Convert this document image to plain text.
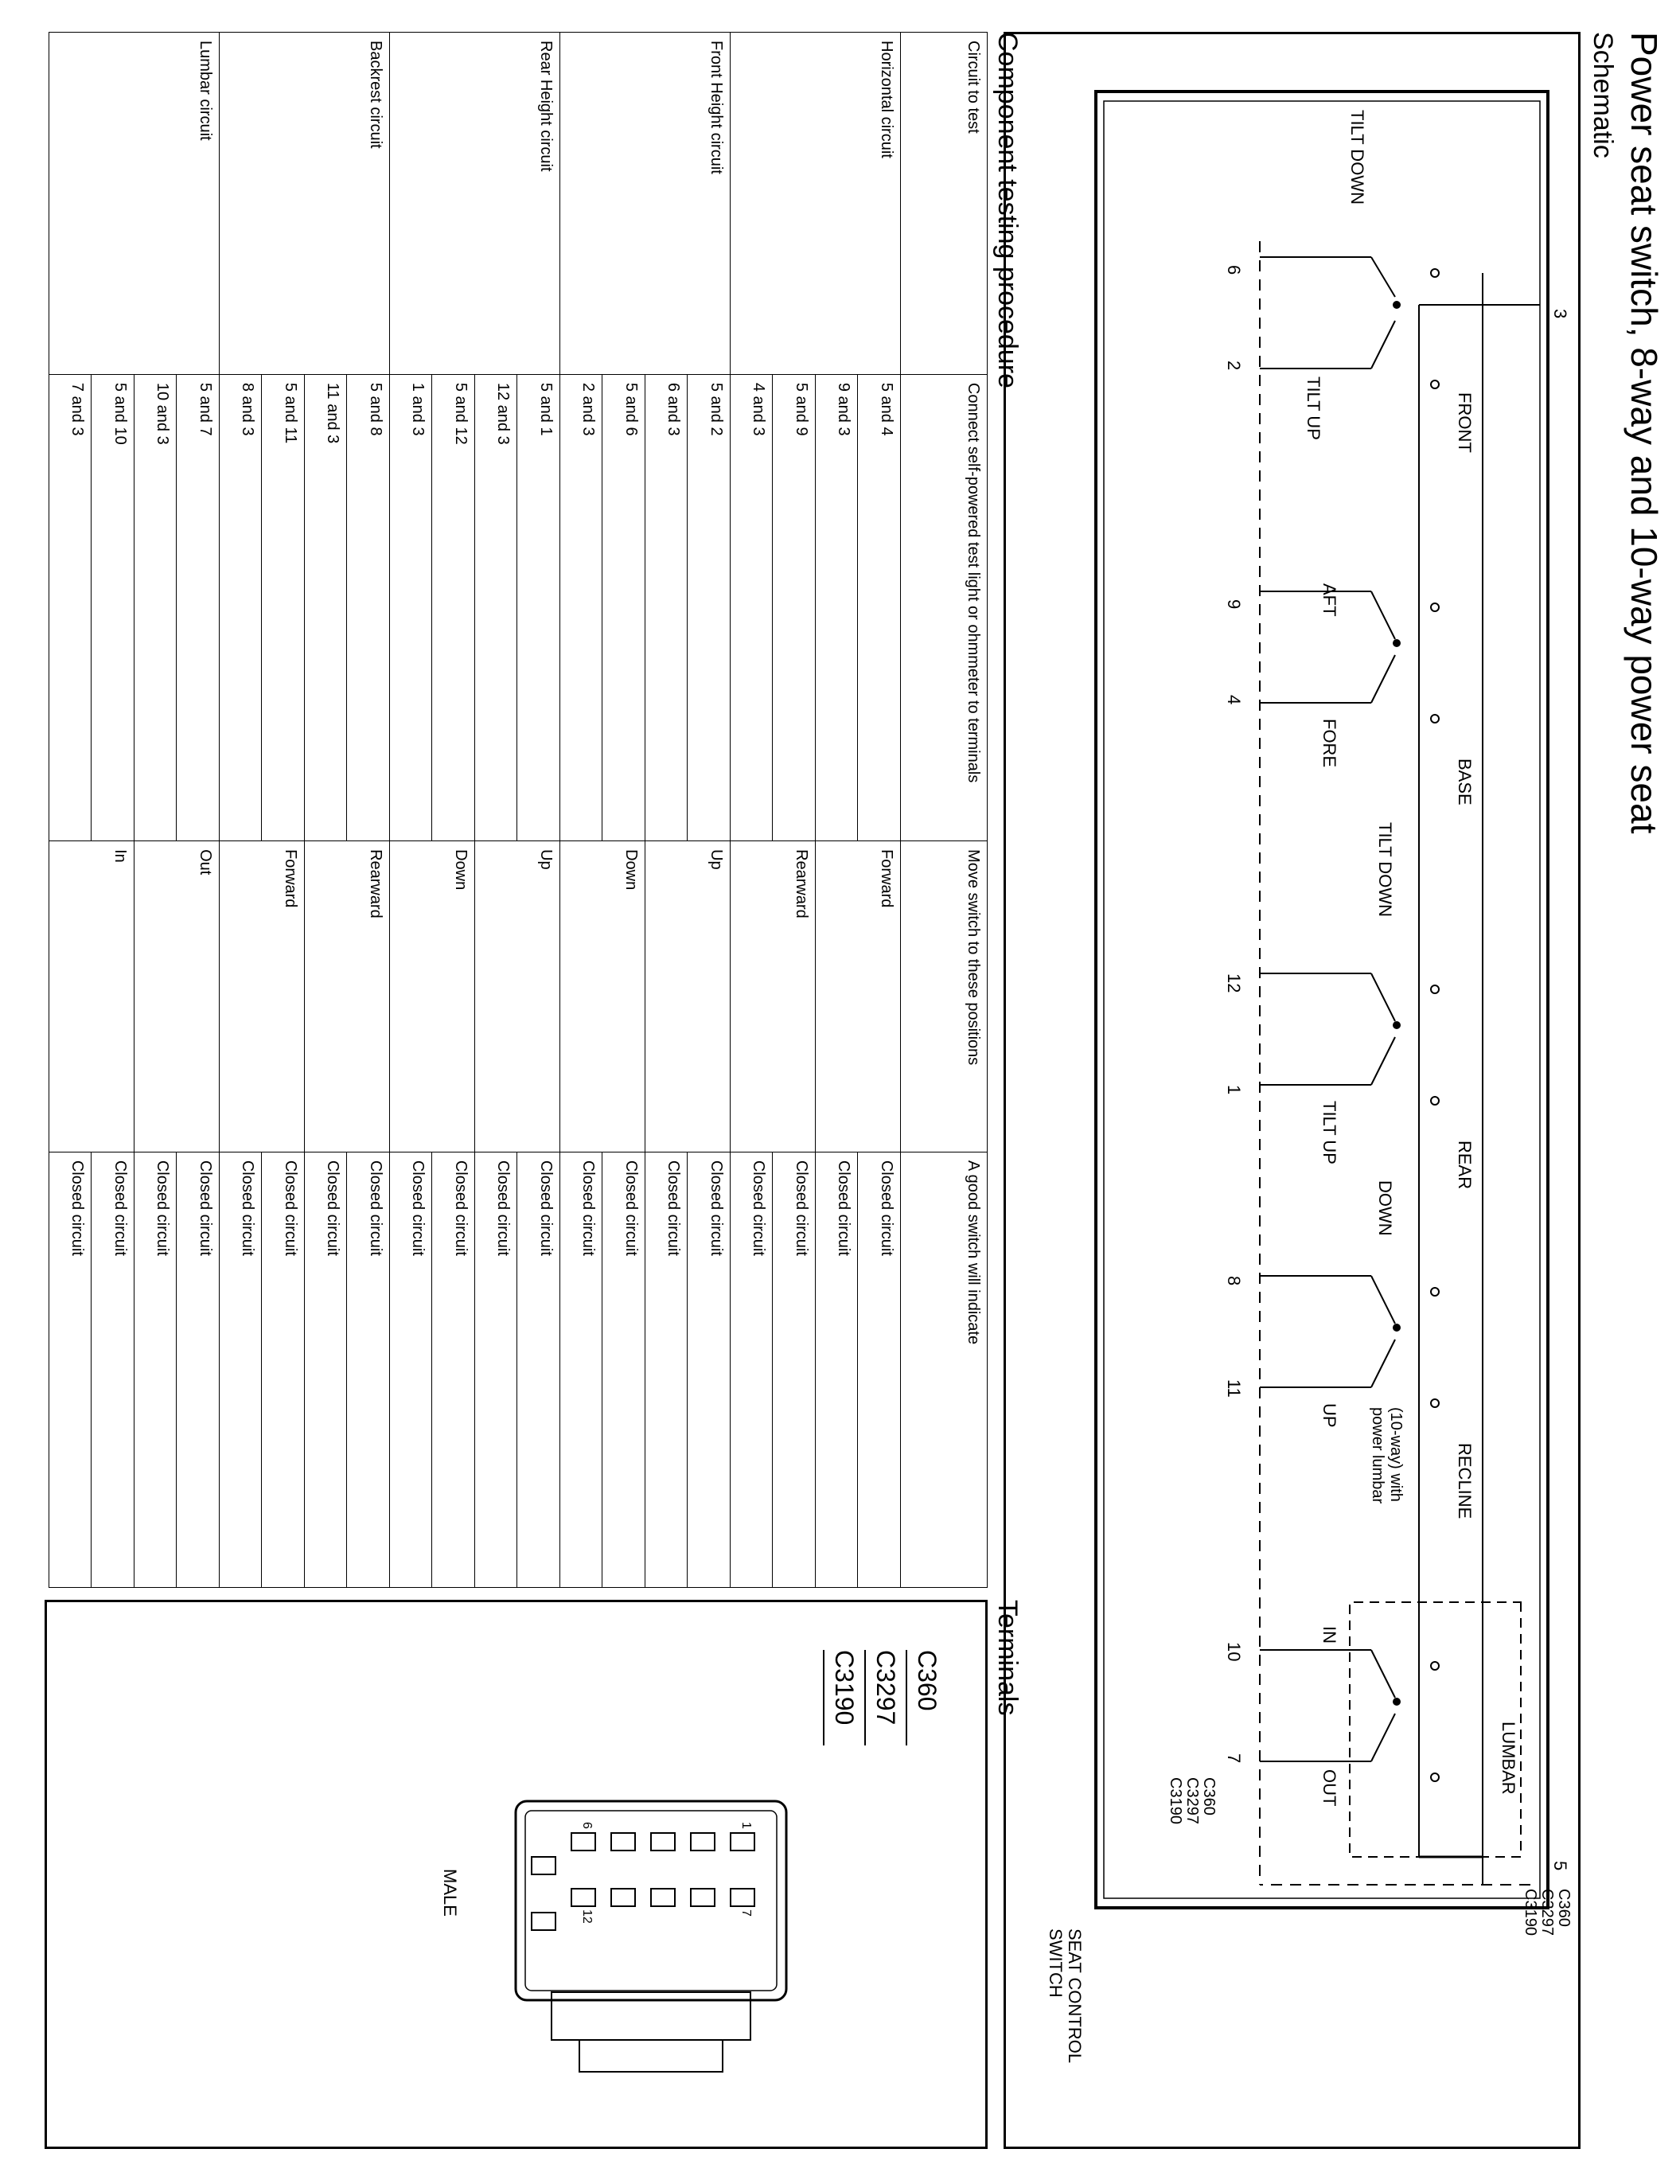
Power seat switch, 8-way and 10-way power seat
Schematic
FRONT
BASE
REAR
RECLINE
LUMBAR
TILT DOWN
TILT UP
AFT
FORE
TILT DOWN
TILT UP
DOWN
UP	(10-way) with
power lumbar
IN
OUT
6
2
9
4
12
1
8
11
10
7
3
5
C360
C3297
C3190
C360
C3297
C3190
SEAT CONTROL
SWITCH
Component testing procedure
Circuit to test	Connect self-powered test light or ohmmeter to terminals	Move switch to these positions	A good switch will indicate
Horizontal circuit	5 and 4	Forward	Closed circuit
	9 and 3		Closed circuit
	5 and 9	Rearward	Closed circuit
	4 and 3		Closed circuit
Front Height circuit	5 and 2	Up	Closed circuit
	6 and 3		Closed circuit
	5 and 6	Down	Closed circuit
	2 and 3		Closed circuit
Rear Height circuit	5 and 1	Up	Closed circuit
	12 and 3		Closed circuit
	5 and 12	Down	Closed circuit
	1 and 3		Closed circuit
Backrest circuit	5 and 8	Rearward	Closed circuit
	11 and 3		Closed circuit
	5 and 11	Forward	Closed circuit
	8 and 3		Closed circuit
Lumbar circuit	5 and 7	Out	Closed circuit
	10 and 3		Closed circuit
	5 and 10	In	Closed circuit
	7 and 3		Closed circuit
Terminals
C360
C3297
C3190
1
6
7
12
MALE
